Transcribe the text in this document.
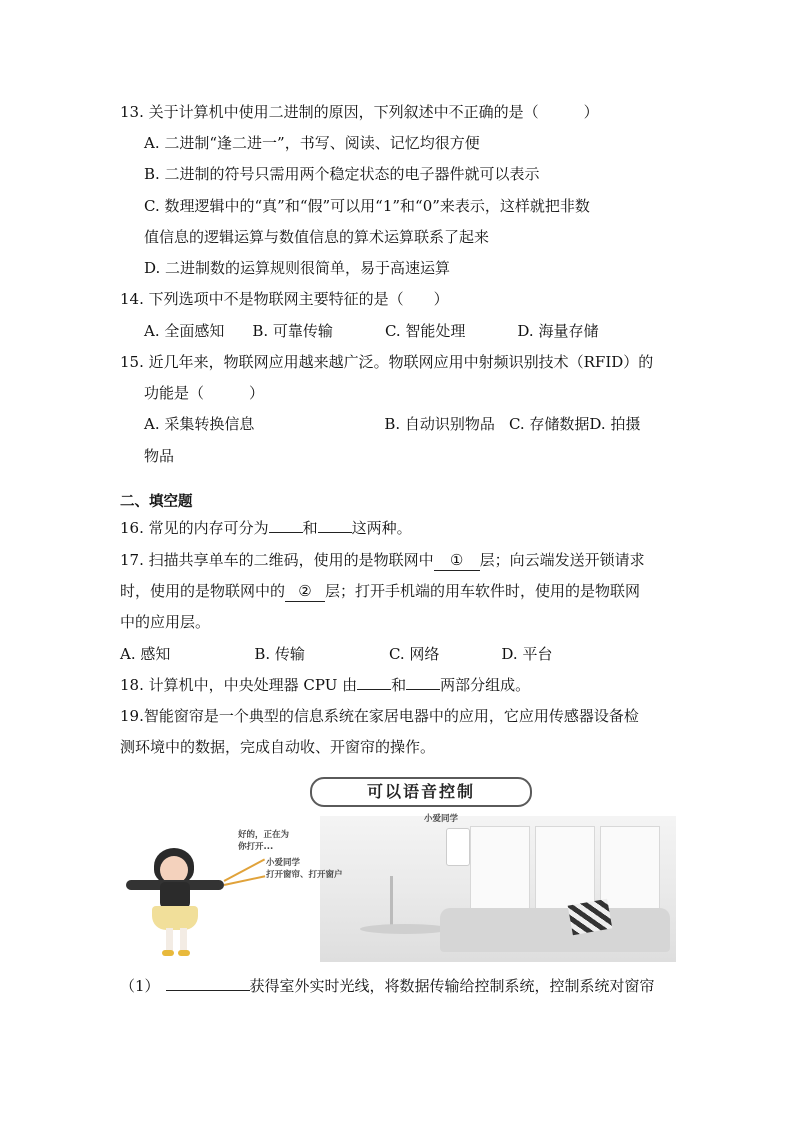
13. 关于计算机中使用二进制的原因，下列叙述中不正确的是（　　　）
A. 二进制“逢二进一”，书写、阅读、记忆均很方便
B. 二进制的符号只需用两个稳定状态的电子器件就可以表示
C. 数理逻辑中的“真”和“假”可以用“1”和“0”来表示，这样就把非数
值信息的逻辑运算与数值信息的算术运算联系了起来
D. 二进制数的运算规则很简单，易于高速运算
14. 下列选项中不是物联网主要特征的是（　　）
A. 全面感知 B. 可靠传输	C. 智能处理	D. 海量存储
15. 近几年来，物联网应用越来越广泛。物联网应用中射频识别技术（RFID）的
功能是（　　　）
A. 采集转换信息	B. 自动识别物品 C. 存储数据D. 拍摄
物品
二、填空题
16. 常见的内存可分为 和 这两种。
17. 扫描共享单车的二维码，使用的是物联网中 ① 层；向云端发送开锁请求
时，使用的是物联网中的 ② 层；打开手机端的用车软件时，使用的是物联网
中的应用层。
A. 感知	B. 传输	C. 网络	D. 平台
18. 计算机中，中央处理器 CPU 由 和 两部分组成。
19.智能窗帘是一个典型的信息系统在家居电器中的应用，它应用传感器设备检
测环境中的数据，完成自动收、开窗帘的操作。
可以语音控制
小爱同学
好的，正在为
你打开...
小爱同学
打开窗帘、打开窗户
（1）	获得室外实时光线，将数据传输给控制系统，控制系统对窗帘
